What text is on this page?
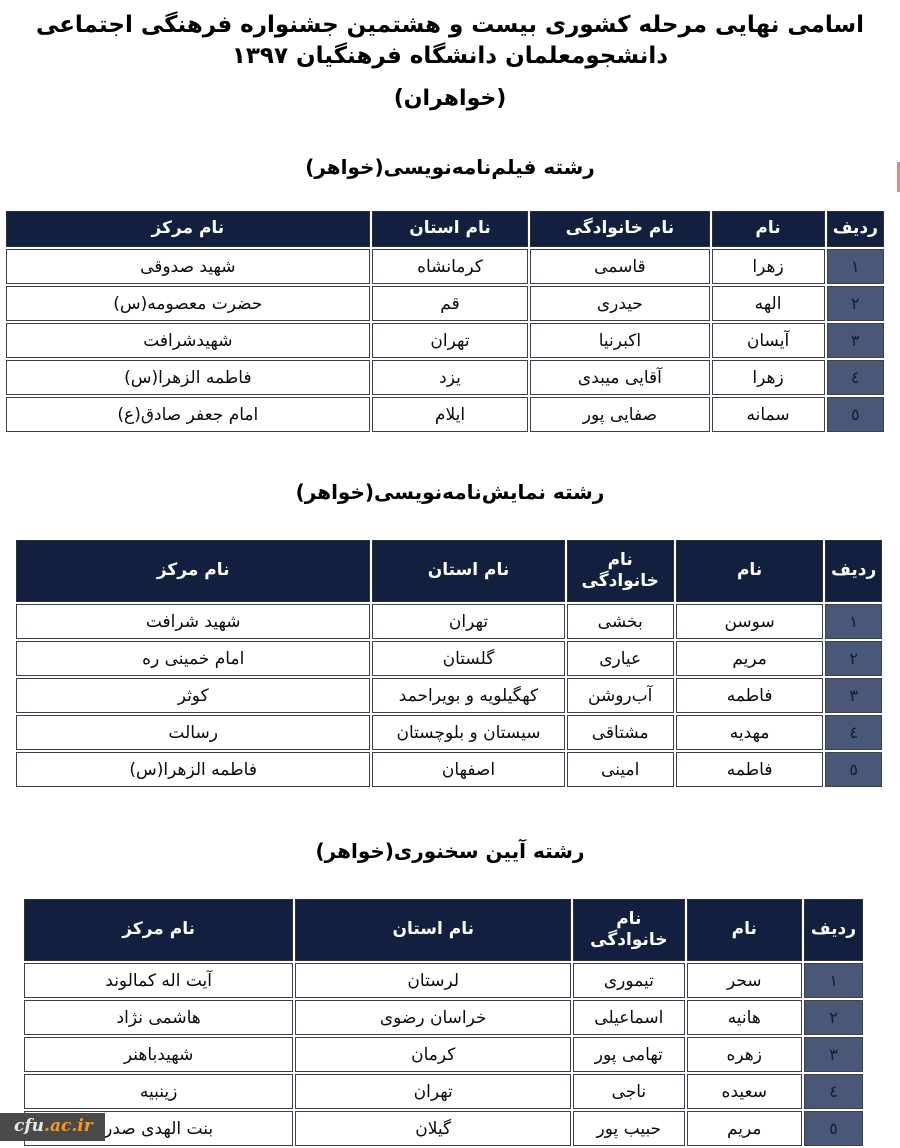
اسامی نهایی مرحله کشوری بیست و هشتمین جشنواره فرهنگی اجتماعی دانشجومعلمان دانشگاه فرهنگیان ۱۳۹۷
(خواهران)
رشته فیلم‌نامه‌نویسی(خواهر)
ردیف	نام	نام خانوادگی	نام استان	نام مرکز
۱	زهرا	قاسمی	کرمانشاه	شهید صدوقی
۲	الهه	حیدری	قم	حضرت معصومه(س)
۳	آیسان	اکبرنیا	تهران	شهیدشرافت
٤	زهرا	آقایی میبدی	یزد	فاطمه الزهرا(س)
٥	سمانه	صفایی پور	ایلام	امام جعفر صادق(ع)
رشته نمایش‌نامه‌نویسی(خواهر)
ردیف	نام	نام خانوادگی	نام استان	نام مرکز
۱	سوسن	بخشی	تهران	شهید شرافت
۲	مریم	عیاری	گلستان	امام خمینی ره
۳	فاطمه	آب‌روشن	کهگیلویه و بویراحمد	کوثر
٤	مهدیه	مشتاقی	سیستان و بلوچستان	رسالت
٥	فاطمه	امینی	اصفهان	فاطمه الزهرا(س)
رشته آیین سخنوری(خواهر)
ردیف	نام	نام خانوادگی	نام استان	نام مرکز
۱	سحر	تیموری	لرستان	آیت اله کمالوند
۲	هانیه	اسماعیلی	خراسان رضوی	هاشمی نژاد
۳	زهره	تهامی پور	کرمان	شهیدباهنر
٤	سعیده	ناجی	تهران	زینبیه
٥	مریم	حبیب پور	گیلان	بنت الهدی صدر
cfu.ac.ir
